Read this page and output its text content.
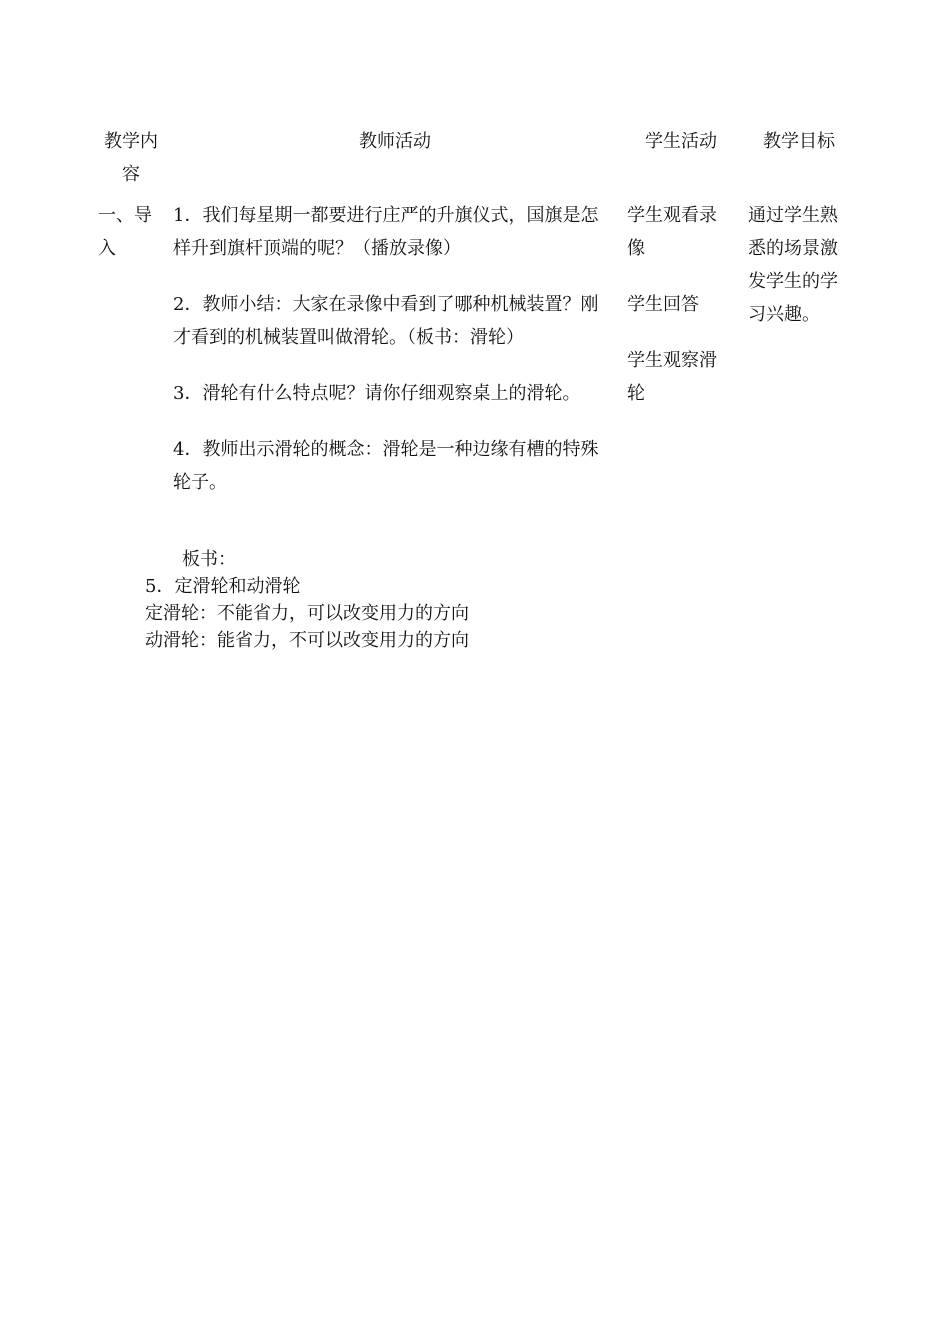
教学内容
教师活动	学生活动	教学目标
一、导入

1．我们每星期一都要进行庄严的升旗仪式，国旗是怎样升到旗杆顶端的呢？（播放录像）

2．教师小结：大家在录像中看到了哪种机械装置？刚才看到的机械装置叫做滑轮。（板书：滑轮）

3．滑轮有什么特点呢？请你仔细观察桌上的滑轮。

4．教师出示滑轮的概念：滑轮是一种边缘有槽的特殊轮子。

学生观看录像

学生回答

学生观察滑轮

通过学生熟悉的场景激发学生的学习兴趣。
板书：
5．定滑轮和动滑轮
定滑轮：不能省力，可以改变用力的方向
动滑轮：能省力，不可以改变用力的方向
